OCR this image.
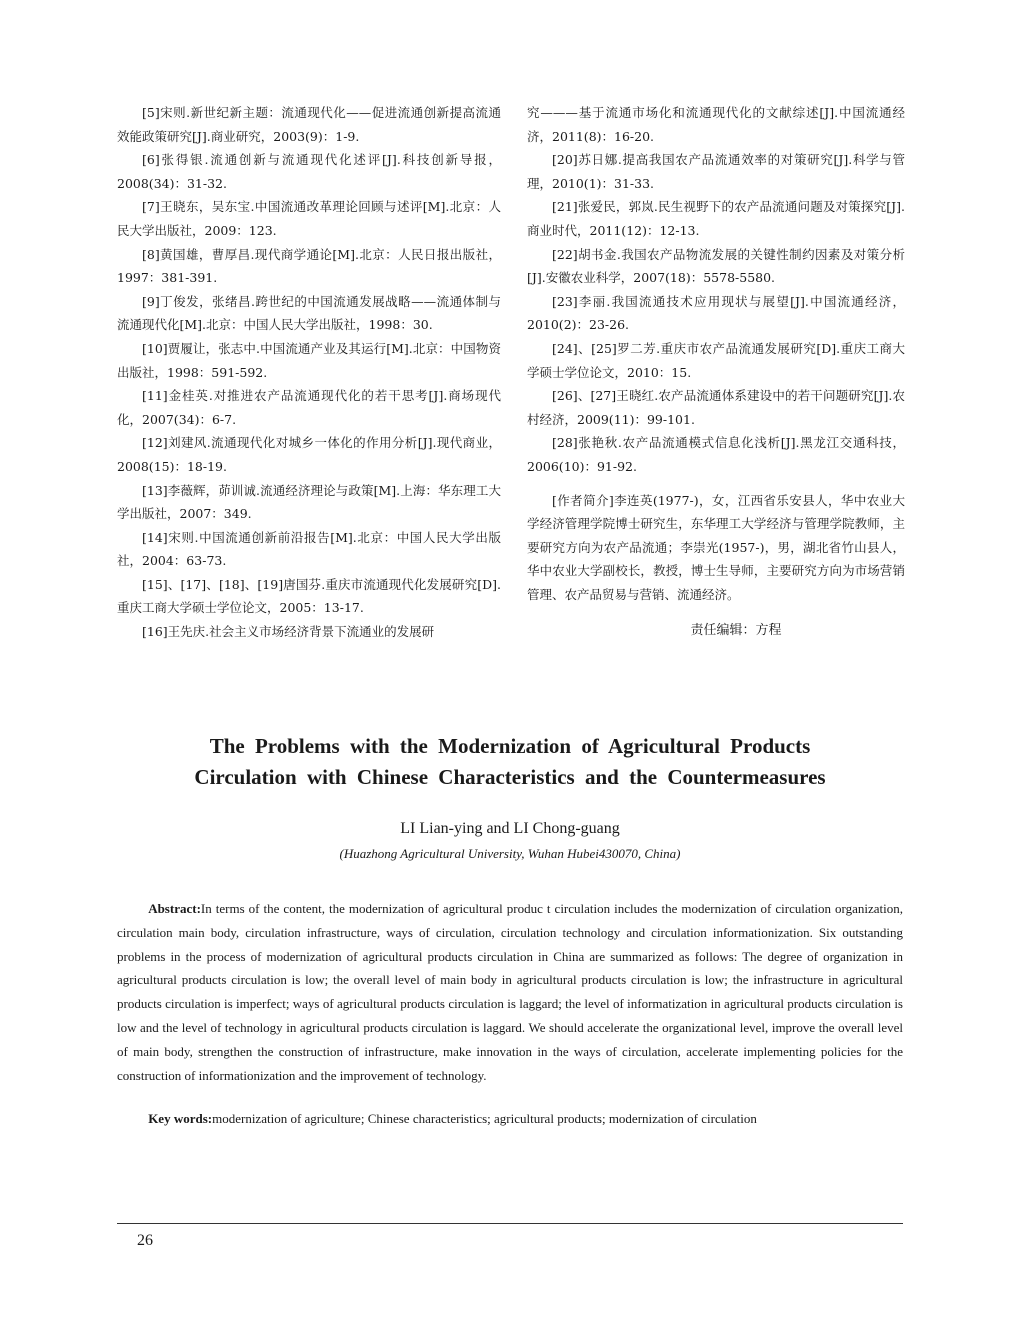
[5]宋则.新世纪新主题：流通现代化——促进流通创新提高流通效能政策研究[J].商业研究，2003(9)：1-9.

[6]张得银.流通创新与流通现代化述评[J].科技创新导报，2008(34)：31-32.

[7]王晓东，吴东宝.中国流通改革理论回顾与述评[M].北京：人民大学出版社，2009：123.

[8]黄国雄，曹厚昌.现代商学通论[M].北京：人民日报出版社，1997：381-391.

[9]丁俊发，张绪昌.跨世纪的中国流通发展战略——流通体制与流通现代化[M].北京：中国人民大学出版社，1998：30.

[10]贾履让，张志中.中国流通产业及其运行[M].北京：中国物资出版社，1998：591-592.

[11]金桂英.对推进农产品流通现代化的若干思考[J].商场现代化，2007(34)：6-7.

[12]刘建风.流通现代化对城乡一体化的作用分析[J].现代商业，2008(15)：18-19.

[13]李薇辉，茆训诚.流通经济理论与政策[M].上海：华东理工大学出版社，2007：349.

[14]宋则.中国流通创新前沿报告[M].北京：中国人民大学出版社，2004：63-73.

[15]、[17]、[18]、[19]唐国芬.重庆市流通现代化发展研究[D].重庆工商大学硕士学位论文，2005：13-17.

[16]王先庆.社会主义市场经济背景下流通业的发展研

究———基于流通市场化和流通现代化的文献综述[J].中国流通经济，2011(8)：16-20.

[20]苏日娜.提高我国农产品流通效率的对策研究[J].科学与管理，2010(1)：31-33.

[21]张爱民，郭岚.民生视野下的农产品流通问题及对策探究[J].商业时代，2011(12)：12-13.

[22]胡书金.我国农产品物流发展的关键性制约因素及对策分析[J].安徽农业科学，2007(18)：5578-5580.

[23]李丽.我国流通技术应用现状与展望[J].中国流通经济，2010(2)：23-26.

[24]、[25]罗二芳.重庆市农产品流通发展研究[D].重庆工商大学硕士学位论文，2010：15.

[26]、[27]王晓红.农产品流通体系建设中的若干问题研究[J].农村经济，2009(11)：99-101.

[28]张艳秋.农产品流通模式信息化浅析[J].黑龙江交通科技，2006(10)：91-92.

[作者简介]李连英(1977-)，女，江西省乐安县人，华中农业大学经济管理学院博士研究生，东华理工大学经济与管理学院教师，主要研究方向为农产品流通；李崇光(1957-)，男，湖北省竹山县人，华中农业大学副校长，教授，博士生导师，主要研究方向为市场营销管理、农产品贸易与营销、流通经济。

责任编辑：方程
The Problems with the Modernization of Agricultural Products
Circulation with Chinese Characteristics and the Countermeasures
LI Lian-ying and LI Chong-guang
(Huazhong Agricultural University, Wuhan Hubei430070, China)

Abstract:In terms of the content, the modernization of agricultural produc t circulation includes the modernization of circulation organization, circulation main body, circulation infrastructure, ways of circulation, circulation technology and circulation informationization. Six outstanding problems in the process of modernization of agricultural products circulation in China are summarized as follows: The degree of organization in agricultural products circulation is low; the overall level of main body in agricultural products circulation is low; the infrastructure in agricultural products circulation is imperfect; ways of agricultural products circulation is laggard; the level of informatization in agricultural products circulation is low and the level of technology in agricultural products circulation is laggard. We should accelerate the organizational level, improve the overall level of main body, strengthen the construction of infrastructure, make innovation in the ways of circulation, accelerate implementing policies for the construction of informationization and the improvement of technology.

Key words:modernization of agriculture; Chinese characteristics; agricultural products; modernization of circulation

26
